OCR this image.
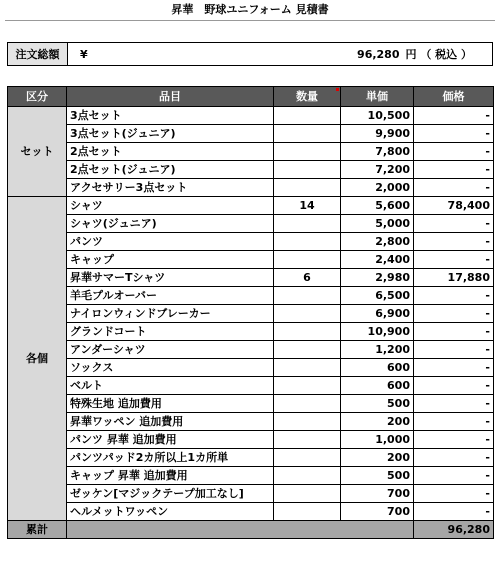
昇華　野球ユニフォーム 見積書
注文総額	¥	96,280 円 （ 税込 ）
区分	品目	数量	単価	価格
セット	3点セット		10,500	-
	3点セット(ジュニア)		9,900	-
	2点セット		7,800	-
	2点セット(ジュニア)		7,200	-
	アクセサリー3点セット		2,000	-
各個	シャツ	14	5,600	78,400
	シャツ(ジュニア)		5,000	-
	パンツ		2,800	-
	キャップ		2,400	-
	昇華サマーTシャツ	6	2,980	17,880
	羊毛プルオーバー		6,500	-
	ナイロンウィンドブレーカー		6,900	-
	グランドコート		10,900	-
	アンダーシャツ		1,200	-
	ソックス		600	-
	ベルト		600	-
	特殊生地 追加費用		500	-
	昇華ワッペン 追加費用		200	-
	パンツ 昇華 追加費用		1,000	-
	パンツパッド2カ所以上1カ所単		200	-
	キャップ 昇華 追加費用		500	-
	ゼッケン[マジックテープ加工なし]		700	-
	ヘルメットワッペン		700	-
累計				96,280
